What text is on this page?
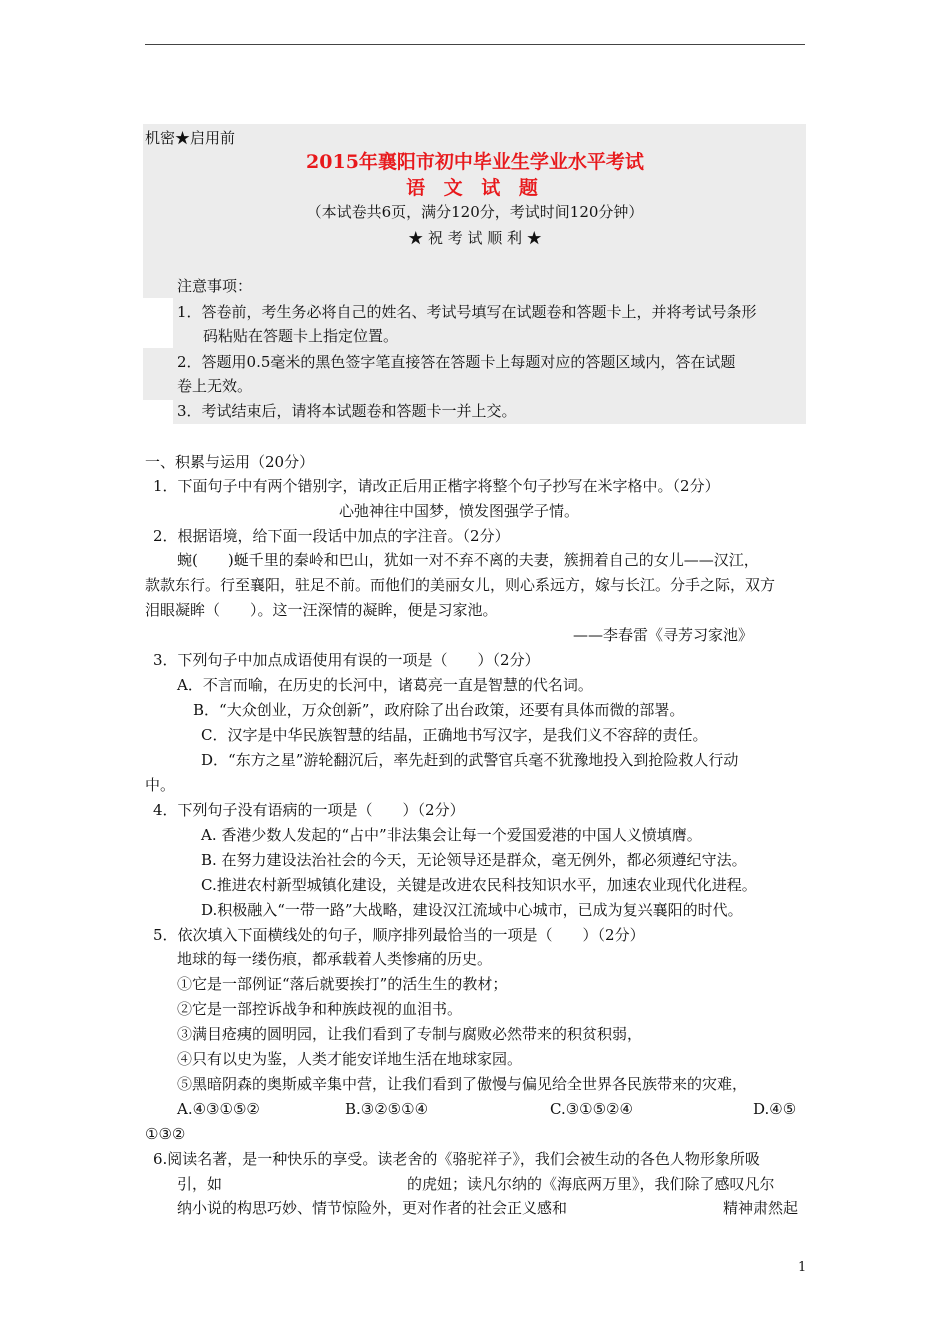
机密★启用前
2015年襄阳市初中毕业生学业水平考试
语 文 试 题
（本试卷共6页，满分120分，考试时间120分钟）
★ 祝 考 试 顺 利 ★
注意事项：
1．答卷前，考生务必将自己的姓名、考试号填写在试题卷和答题卡上，并将考试号条形
码粘贴在答题卡上指定位置。
2．答题用0.5毫米的黑色签字笔直接答在答题卡上每题对应的答题区域内，答在试题
卷上无效。
3．考试结束后，请将本试题卷和答题卡一并上交。
一、积累与运用（20分）
1．下面句子中有两个错别字，请改正后用正楷字将整个句子抄写在米字格中。（2分）
心弛神往中国梦，愤发图强学子情。
2．根据语境，给下面一段话中加点的字注音。（2分）
蜿(　　)蜒千里的秦岭和巴山，犹如一对不弃不离的夫妻，簇拥着自己的女儿——汉江，
款款东行。行至襄阳，驻足不前。而他们的美丽女儿，则心系远方，嫁与长江。分手之际，双方
泪眼凝眸（　　）。这一汪深情的凝眸，便是习家池。
——李春雷《寻芳习家池》
3．下列句子中加点成语使用有误的一项是（　　）（2分）
A．不言而喻，在历史的长河中，诸葛亮一直是智慧的代名词。
B．“大众创业，万众创新”，政府除了出台政策，还要有具体而微的部署。
C．汉字是中华民族智慧的结晶，正确地书写汉字，是我们义不容辞的责任。
D．“东方之星”游轮翻沉后，率先赶到的武警官兵毫不犹豫地投入到抢险救人行动
中。
4．下列句子没有语病的一项是（　　）（2分）
A. 香港少数人发起的“占中”非法集会让每一个爱国爱港的中国人义愤填膺。
B. 在努力建设法治社会的今天，无论领导还是群众，毫无例外，都必须遵纪守法。
C.推进农村新型城镇化建设，关键是改进农民科技知识水平，加速农业现代化进程。
D.积极融入“一带一路”大战略，建设汉江流域中心城市，已成为复兴襄阳的时代。
5．依次填入下面横线处的句子，顺序排列最恰当的一项是（　　）（2分）
地球的每一缕伤痕，都承载着人类惨痛的历史。
①它是一部例证“落后就要挨打”的活生生的教材；
②它是一部控诉战争和种族歧视的血泪书。
③满目疮痍的圆明园，让我们看到了专制与腐败必然带来的积贫积弱，
④只有以史为鉴，人类才能安详地生活在地球家园。
⑤黑暗阴森的奥斯威辛集中营，让我们看到了傲慢与偏见给全世界各民族带来的灾难，
A.④③①⑤②	B.③②⑤①④	C.③①⑤②④	D.④⑤
①③②
6.阅读名著，是一种快乐的享受。读老舍的《骆驼祥子》，我们会被生动的各色人物形象所吸
引，如	的虎妞；读凡尔纳的《海底两万里》，我们除了感叹凡尔
纳小说的构思巧妙、情节惊险外，更对作者的社会正义感和	精神肃然起
1
